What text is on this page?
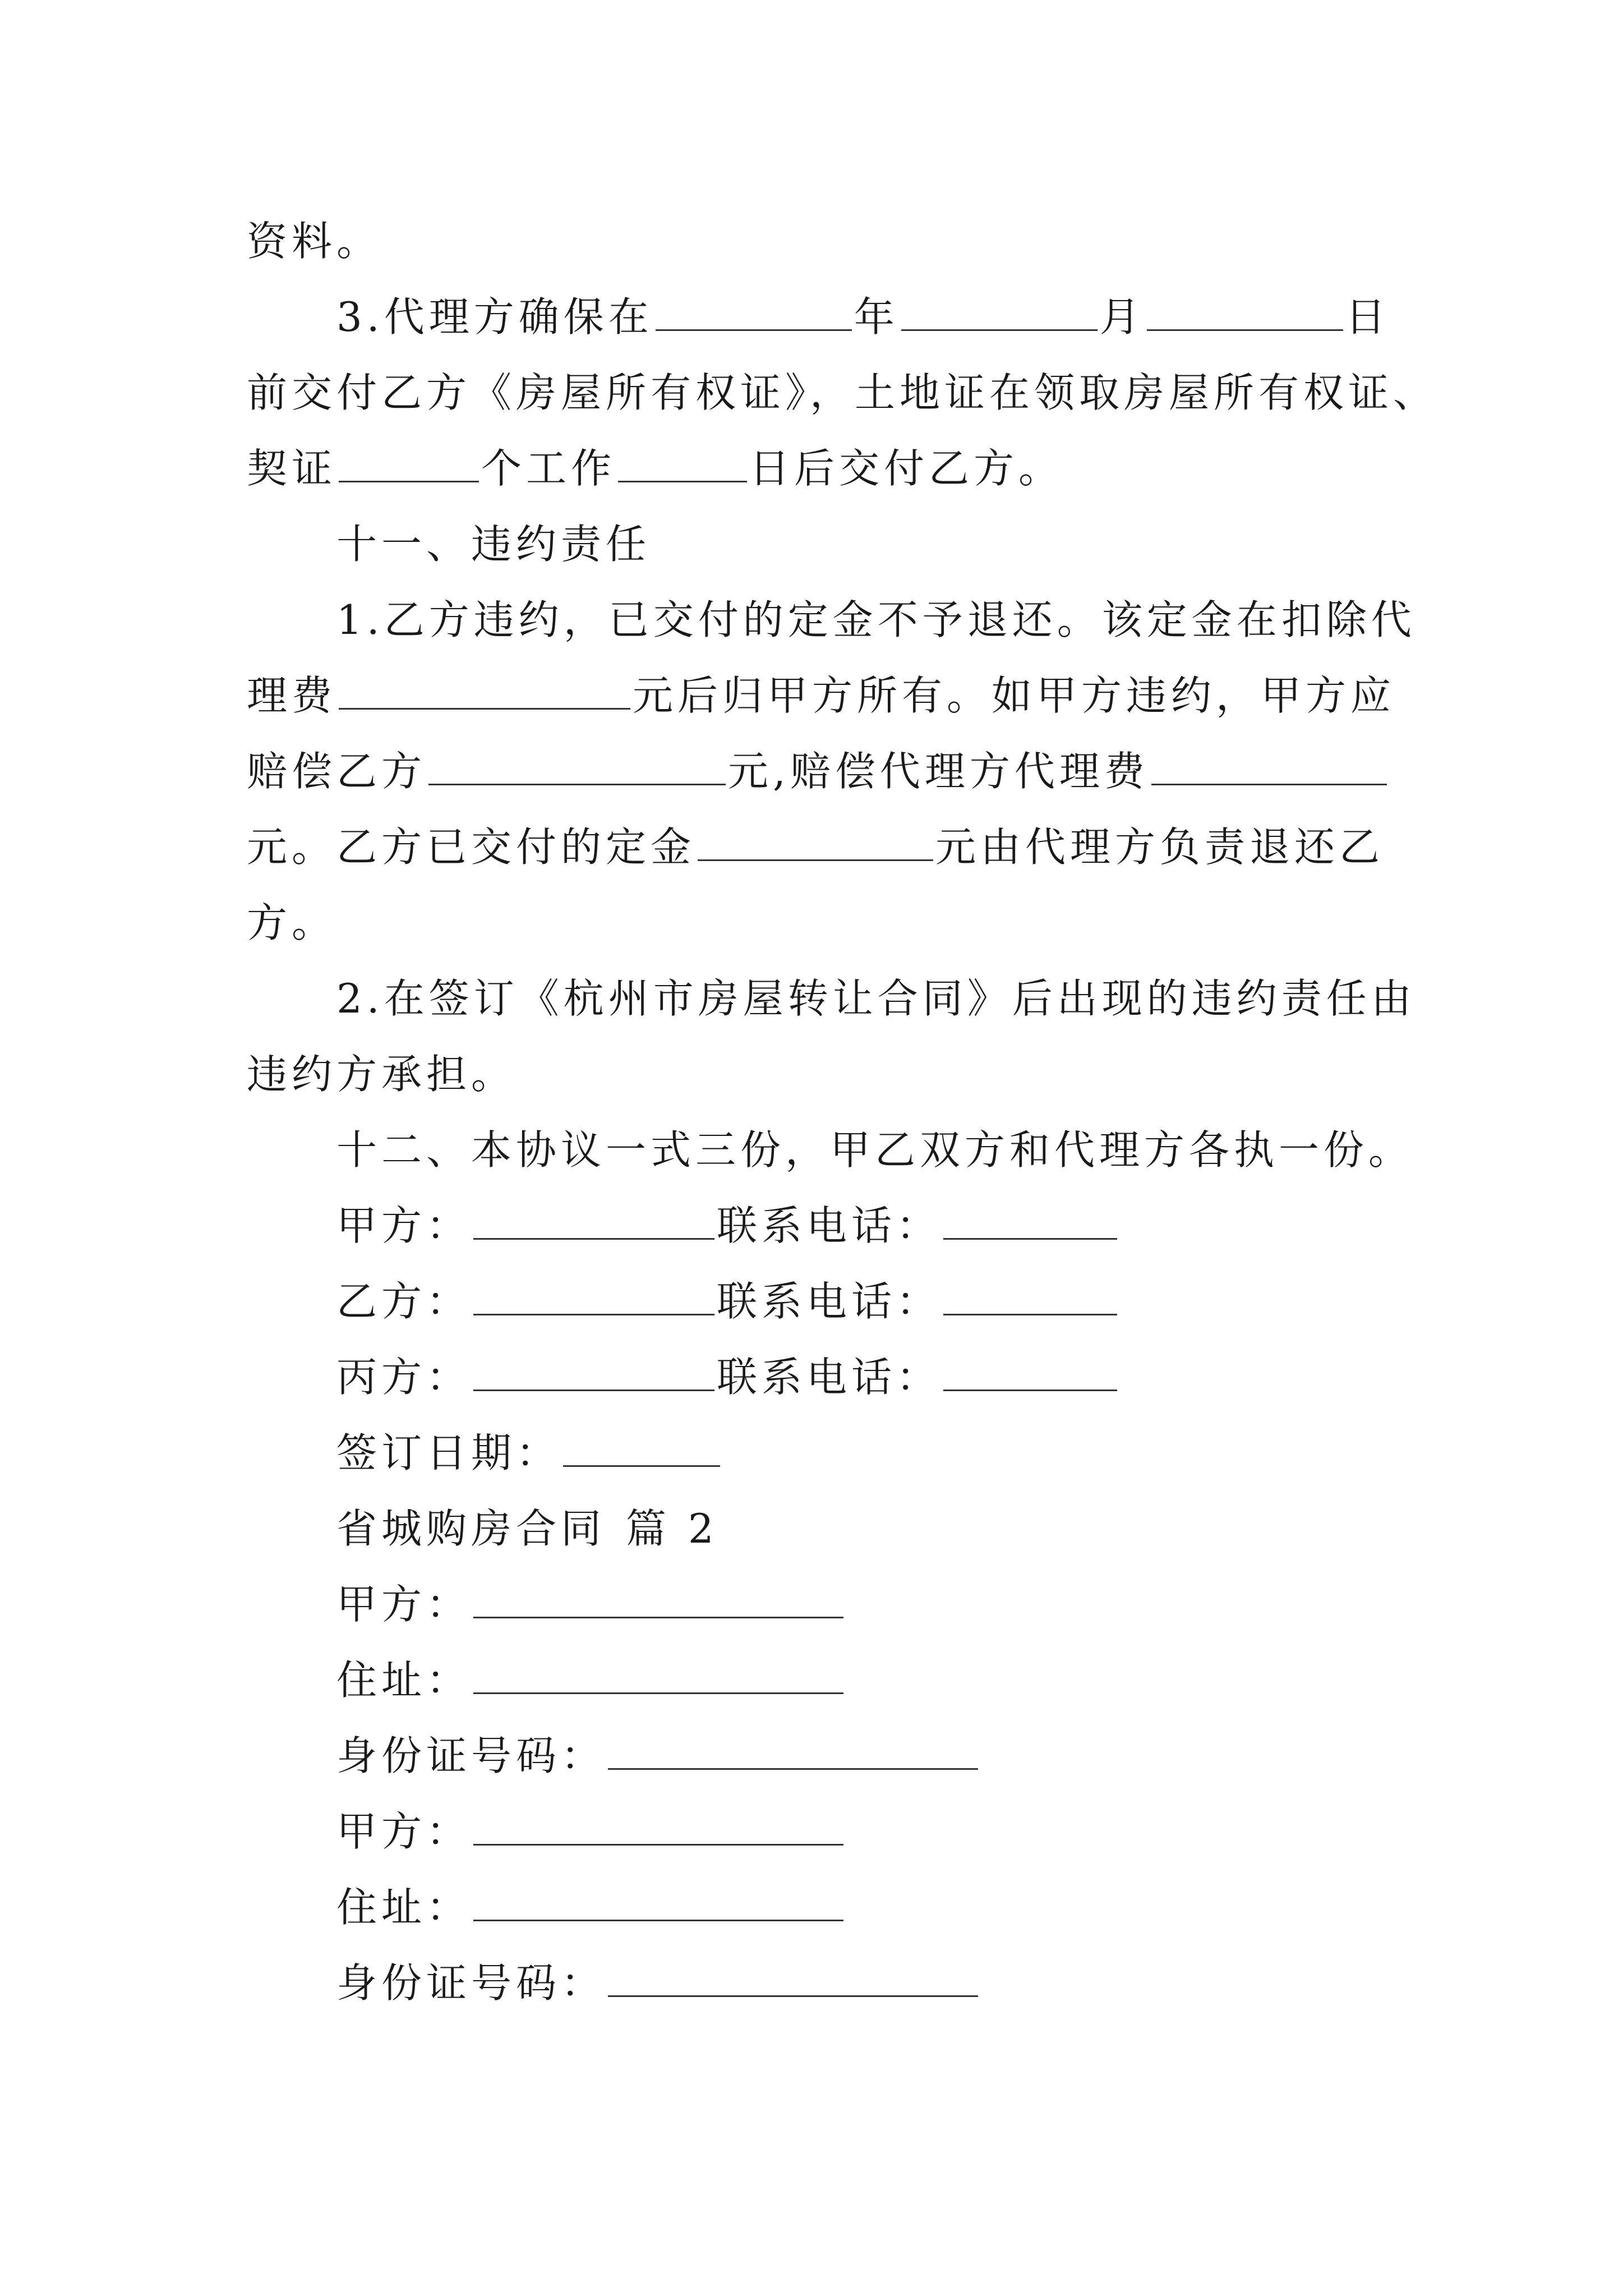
资料。
3.代理方确保在	年	月	日
前交付乙方《房屋所有权证》，土地证在领取房屋所有权证、
契证	个工作	日后交付乙方。
十一、违约责任
1.乙方违约，已交付的定金不予退还。该定金在扣除代
理费	元后归甲方所有。如甲方违约，甲方应
赔偿乙方	元,赔偿代理方代理费
元。乙方已交付的定金	元由代理方负责退还乙
方。
2.在签订《杭州市房屋转让合同》后出现的违约责任由
违约方承担。
十二、本协议一式三份，甲乙双方和代理方各执一份。
甲方：	联系电话：
乙方：	联系电话：
丙方：	联系电话：
签订日期：
省城购房合同 篇 2
甲方：
住址：
身份证号码：
甲方：
住址：
身份证号码：
